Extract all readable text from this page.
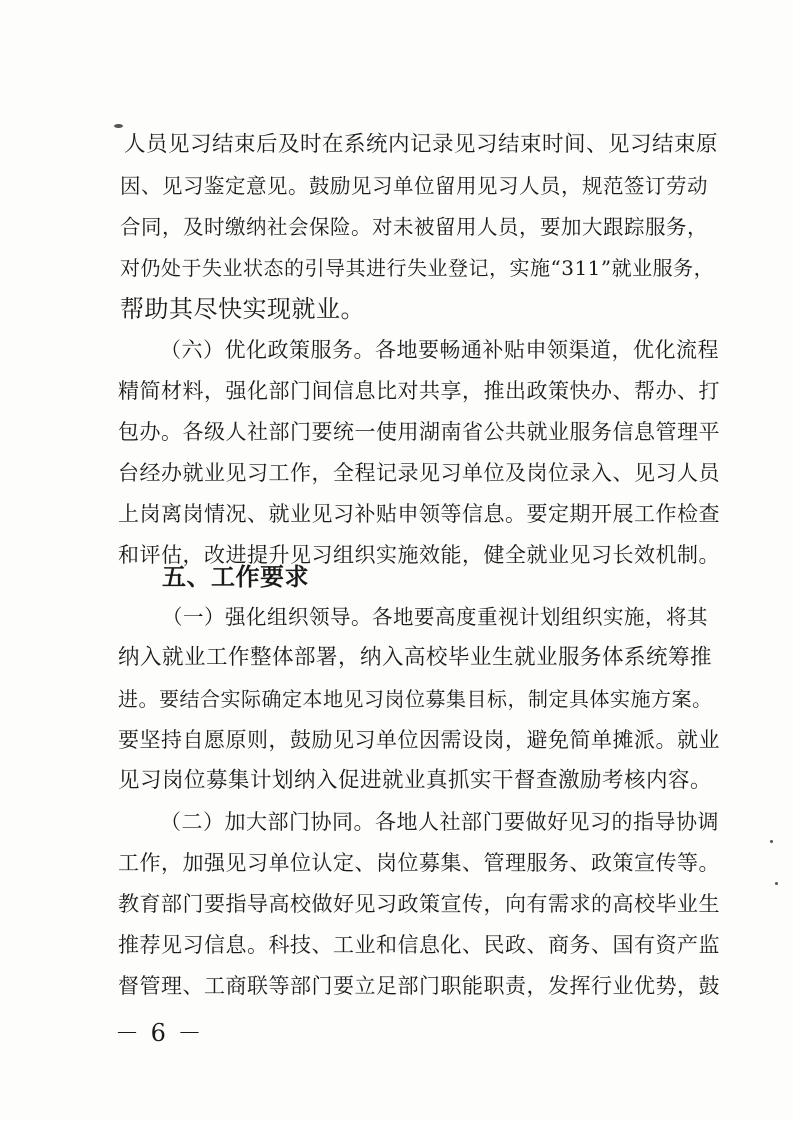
人员见习结束后及时在系统内记录见习结束时间、见习结束原
因、见习鉴定意见。鼓励见习单位留用见习人员，规范签订劳动
合同，及时缴纳社会保险。对未被留用人员，要加大跟踪服务，
对仍处于失业状态的引导其进行失业登记，实施“311”就业服务，
帮助其尽快实现就业。
（六）优化政策服务。各地要畅通补贴申领渠道，优化流程
精简材料，强化部门间信息比对共享，推出政策快办、帮办、打
包办。各级人社部门要统一使用湖南省公共就业服务信息管理平
台经办就业见习工作，全程记录见习单位及岗位录入、见习人员
上岗离岗情况、就业见习补贴申领等信息。要定期开展工作检查
和评估，改进提升见习组织实施效能，健全就业见习长效机制。
五、工作要求
（一）强化组织领导。各地要高度重视计划组织实施，将其
纳入就业工作整体部署，纳入高校毕业生就业服务体系统筹推
进。要结合实际确定本地见习岗位募集目标，制定具体实施方案。
要坚持自愿原则，鼓励见习单位因需设岗，避免简单摊派。就业
见习岗位募集计划纳入促进就业真抓实干督查激励考核内容。
（二）加大部门协同。各地人社部门要做好见习的指导协调
工作，加强见习单位认定、岗位募集、管理服务、政策宣传等。
教育部门要指导高校做好见习政策宣传，向有需求的高校毕业生
推荐见习信息。科技、工业和信息化、民政、商务、国有资产监
督管理、工商联等部门要立足部门职能职责，发挥行业优势，鼓
－ 6 －
